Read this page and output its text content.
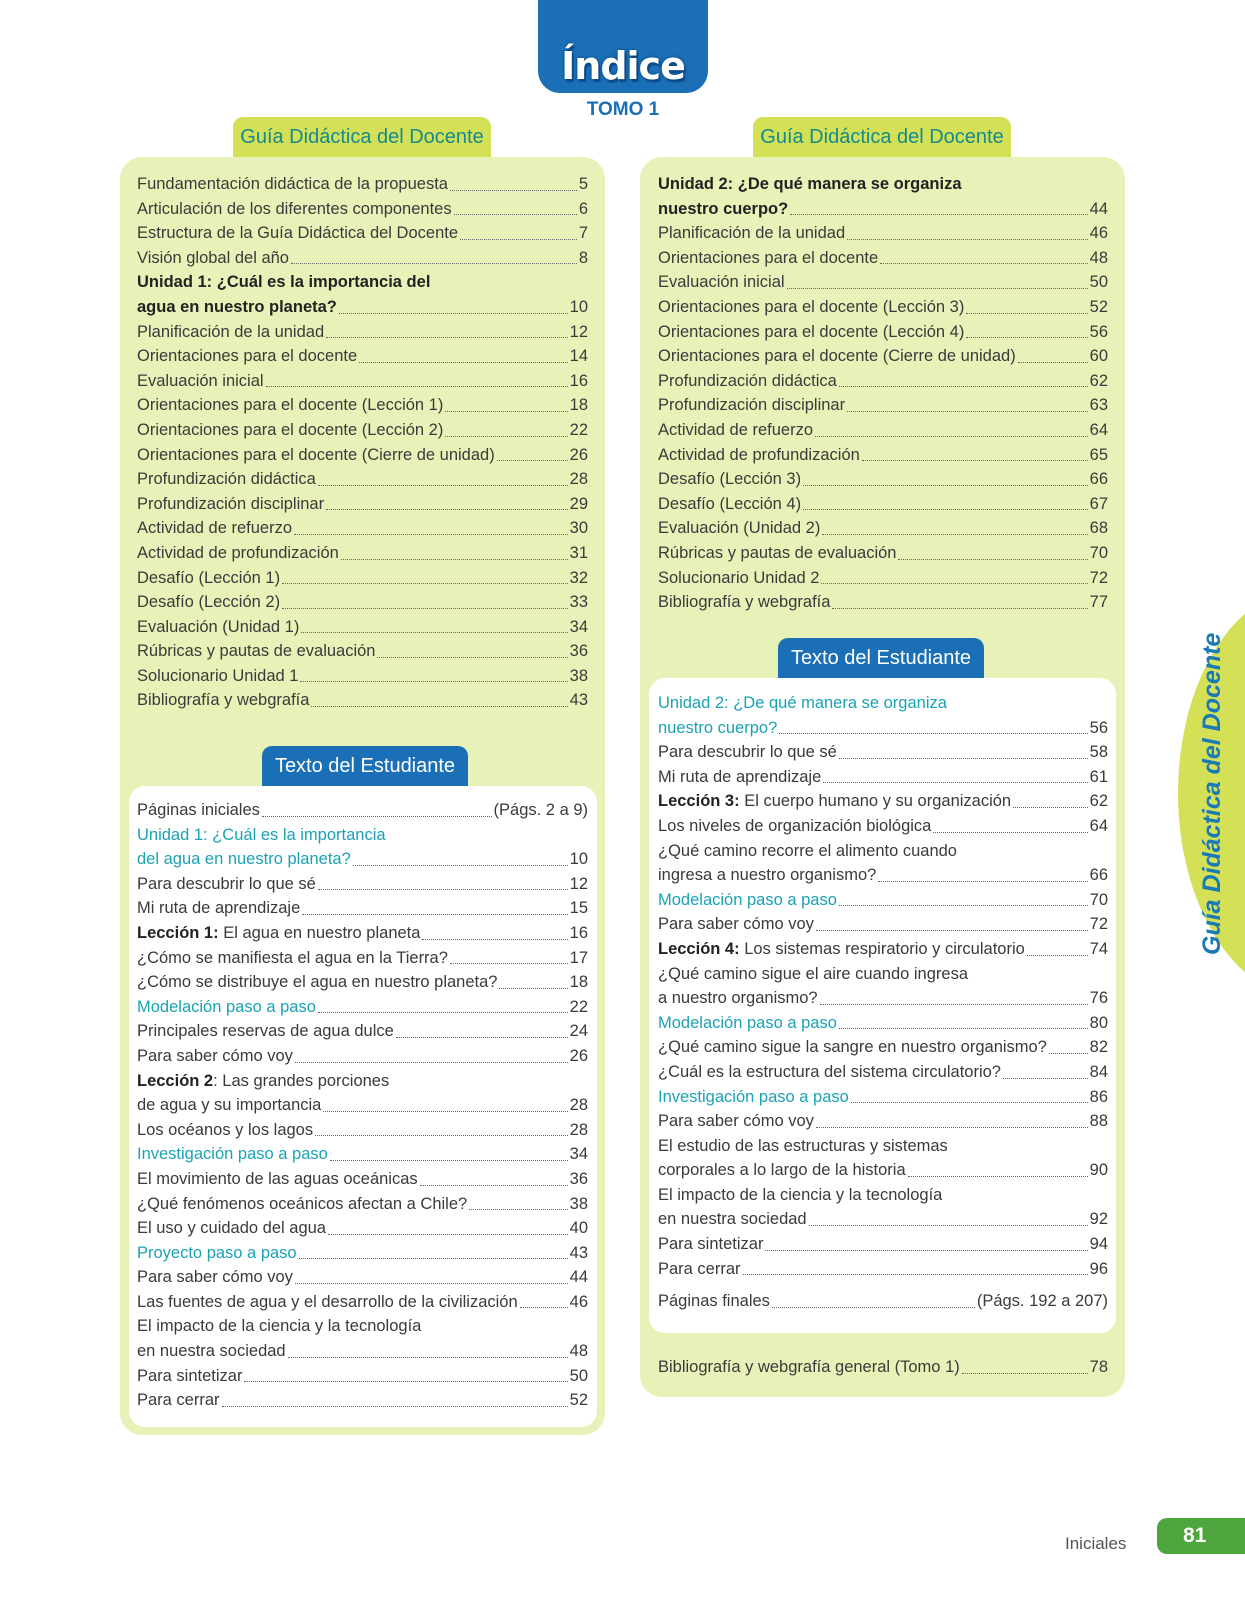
Índice
TOMO 1
Guía Didáctica del Docente
Guía Didáctica del Docente
Fundamentación didáctica de la propuesta	5
Articulación de los diferentes componentes	6
Estructura de la Guía Didáctica del Docente	7
Visión global del año	8
Unidad 1: ¿Cuál es la importancia del
agua en nuestro planeta?	10
Planificación de la unidad	12
Orientaciones para el docente	14
Evaluación inicial	16
Orientaciones para el docente (Lección 1)	18
Orientaciones para el docente (Lección 2)	22
Orientaciones para el docente (Cierre de unidad)	26
Profundización didáctica	28
Profundización disciplinar	29
Actividad de refuerzo	30
Actividad de profundización	31
Desafío (Lección 1)	32
Desafío (Lección 2)	33
Evaluación (Unidad 1)	34
Rúbricas y pautas de evaluación	36
Solucionario Unidad 1	38
Bibliografía y webgrafía	43
Texto del Estudiante
Páginas iniciales	(Págs. 2 a 9)
Unidad 1: ¿Cuál es la importancia
del agua en nuestro planeta?	10
Para descubrir lo que sé	12
Mi ruta de aprendizaje	15
Lección 1: El agua en nuestro planeta	16
¿Cómo se manifiesta el agua en la Tierra?	17
¿Cómo se distribuye el agua en nuestro planeta?	18
Modelación paso a paso	22
Principales reservas de agua dulce	24
Para saber cómo voy	26
Lección 2: Las grandes porciones
de agua y su importancia	28
Los océanos y los lagos	28
Investigación paso a paso	34
El movimiento de las aguas oceánicas	36
¿Qué fenómenos oceánicos afectan a Chile?	38
El uso y cuidado del agua	40
Proyecto paso a paso	43
Para saber cómo voy	44
Las fuentes de agua y el desarrollo de la civilización	46
El impacto de la ciencia y la tecnología
en nuestra sociedad	48
Para sintetizar	50
Para cerrar	52
Guía Didáctica del Docente
Unidad 2: ¿De qué manera se organiza
nuestro cuerpo?	44
Planificación de la unidad	46
Orientaciones para el docente	48
Evaluación inicial	50
Orientaciones para el docente (Lección 3)	52
Orientaciones para el docente (Lección 4)	56
Orientaciones para el docente (Cierre de unidad)	60
Profundización didáctica	62
Profundización disciplinar	63
Actividad de refuerzo	64
Actividad de profundización	65
Desafío (Lección 3)	66
Desafío (Lección 4)	67
Evaluación (Unidad 2)	68
Rúbricas y pautas de evaluación	70
Solucionario Unidad 2	72
Bibliografía y webgrafía	77
Texto del Estudiante
Unidad 2: ¿De qué manera se organiza
nuestro cuerpo?	56
Para descubrir lo que sé	58
Mi ruta de aprendizaje	61
Lección 3: El cuerpo humano y su organización	62
Los niveles de organización biológica	64
¿Qué camino recorre el alimento cuando
ingresa a nuestro organismo?	66
Modelación paso a paso	70
Para saber cómo voy	72
Lección 4: Los sistemas respiratorio y circulatorio	74
¿Qué camino sigue el aire cuando ingresa
a nuestro organismo?	76
Modelación paso a paso	80
¿Qué camino sigue la sangre en nuestro organismo?	82
¿Cuál es la estructura del sistema circulatorio?	84
Investigación paso a paso	86
Para saber cómo voy	88
El estudio de las estructuras y sistemas
corporales a lo largo de la historia	90
El impacto de la ciencia y la tecnología
en nuestra sociedad	92
Para sintetizar	94
Para cerrar	96
Páginas finales	(Págs. 192 a 207)
Bibliografía y webgrafía general (Tomo 1)	78
Iniciales	81
